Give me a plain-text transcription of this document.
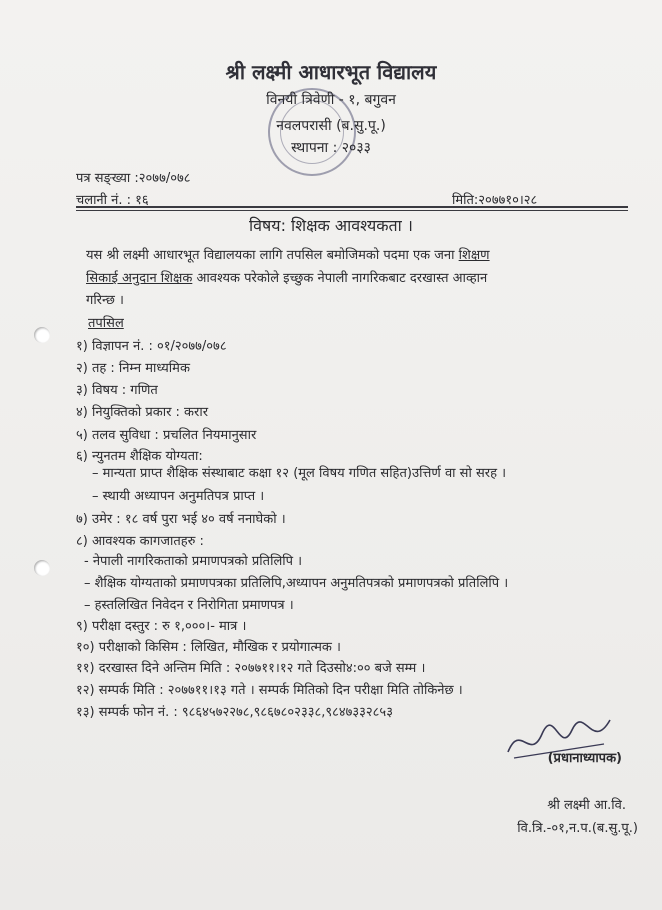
श्री लक्ष्मी आधारभूत विद्यालय
विनयी त्रिवेणी - १, बगुवन
नवलपरासी (ब.सु.पू.)
स्थापना : २०३३
पत्र सङ्ख्या :२०७७/०७८
चलानी नं. : १६	मिति:२०७७१०।२८
विषय: शिक्षक आवश्यकता ।
यस श्री लक्ष्मी आधारभूत विद्यालयका लागि तपसिल बमोजिमको पदमा एक जना शिक्षण
सिकाई अनुदान शिक्षक आवश्यक परेकोले इच्छुक नेपाली नागरिकबाट दरखास्त आव्हान
गरिन्छ ।
तपसिल
१) विज्ञापन नं. : ०१/२०७७/०७८
२) तह : निम्न माध्यमिक
३) विषय : गणित
४) नियुक्तिको प्रकार : करार
५) तलव सुविधा : प्रचलित नियमानुसार
६) न्युनतम शैक्षिक योग्यता:
– मान्यता प्राप्त शैक्षिक संस्थाबाट कक्षा १२ (मूल विषय गणित सहित)उत्तिर्ण वा सो सरह ।
– स्थायी अध्यापन अनुमतिपत्र प्राप्त ।
७) उमेर : १८ वर्ष पुरा भई ४० वर्ष ननाघेको ।
८) आवश्यक कागजातहरु :
- नेपाली नागरिकताको प्रमाणपत्रको प्रतिलिपि ।
– शैक्षिक योग्यताको प्रमाणपत्रका प्रतिलिपि,अध्यापन अनुमतिपत्रको प्रमाणपत्रको प्रतिलिपि ।
– हस्तलिखित निवेदन र निरोगिता प्रमाणपत्र ।
९) परीक्षा दस्तुर : रु १,०००।- मात्र ।
१०) परीक्षाको किसिम : लिखित, मौखिक र प्रयोगात्मक ।
११) दरखास्त दिने अन्तिम मिति : २०७७११।१२ गते दिउसो४:०० बजे सम्म ।
१२) सम्पर्क मिति : २०७७११।१३ गते । सम्पर्क मितिको दिन परीक्षा मिति तोकिनेछ ।
१३) सम्पर्क फोन नं. : ९८६४५७२२७८,९८६७८०२३३८,९८४७३३२८५३
(प्रधानाध्यापक)
श्री लक्ष्मी आ.वि.
वि.त्रि.-०१,न.प.(ब.सु.पू.)
